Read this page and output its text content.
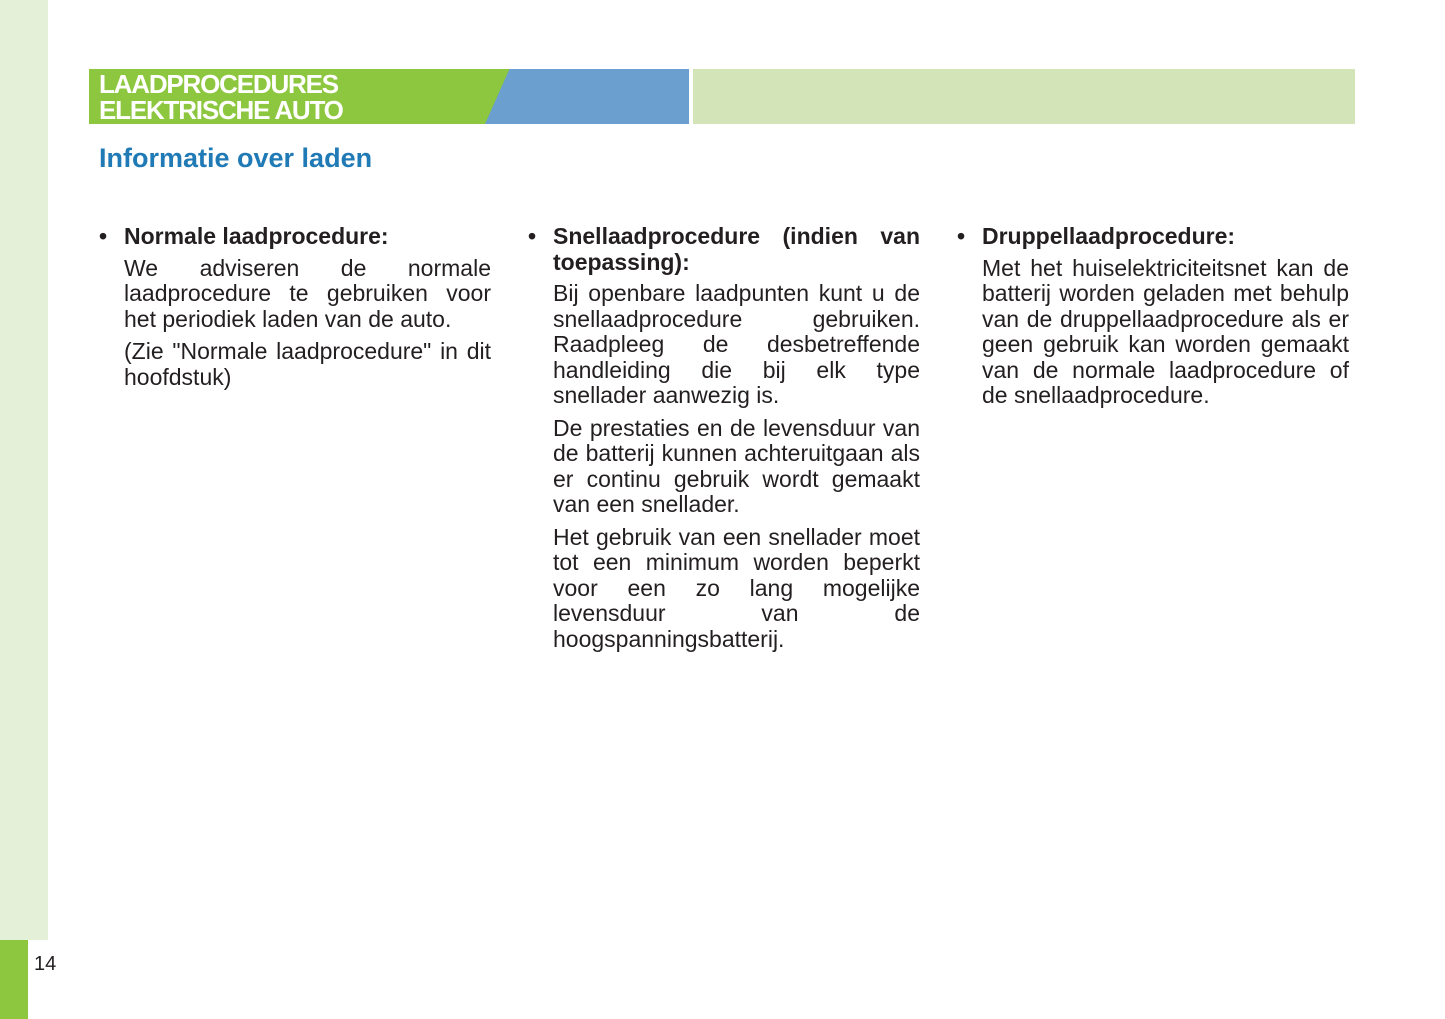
14
LAADPROCEDURES
ELEKTRISCHE AUTO
Informatie over laden
• Normale laadprocedure:

We adviseren de normale laadprocedure te gebruiken voor het periodiek laden van de auto.

(Zie "Normale laadprocedure" in dit hoofdstuk)

• Snellaadprocedure (indien van toepassing):

Bij openbare laadpunten kunt u de snellaadprocedure gebruiken. Raadpleeg de desbetreffende handleiding die bij elk type snellader aanwezig is.

De prestaties en de levensduur van de batterij kunnen achteruitgaan als er continu gebruik wordt gemaakt van een snellader.

Het gebruik van een snellader moet tot een minimum worden beperkt voor een zo lang mogelijke levensduur van de hoogspanningsbatterij.

• Druppellaadprocedure:

Met het huiselektriciteitsnet kan de batterij worden geladen met behulp van de druppellaadprocedure als er geen gebruik kan worden gemaakt van de normale laadprocedure of de snellaadprocedure.
